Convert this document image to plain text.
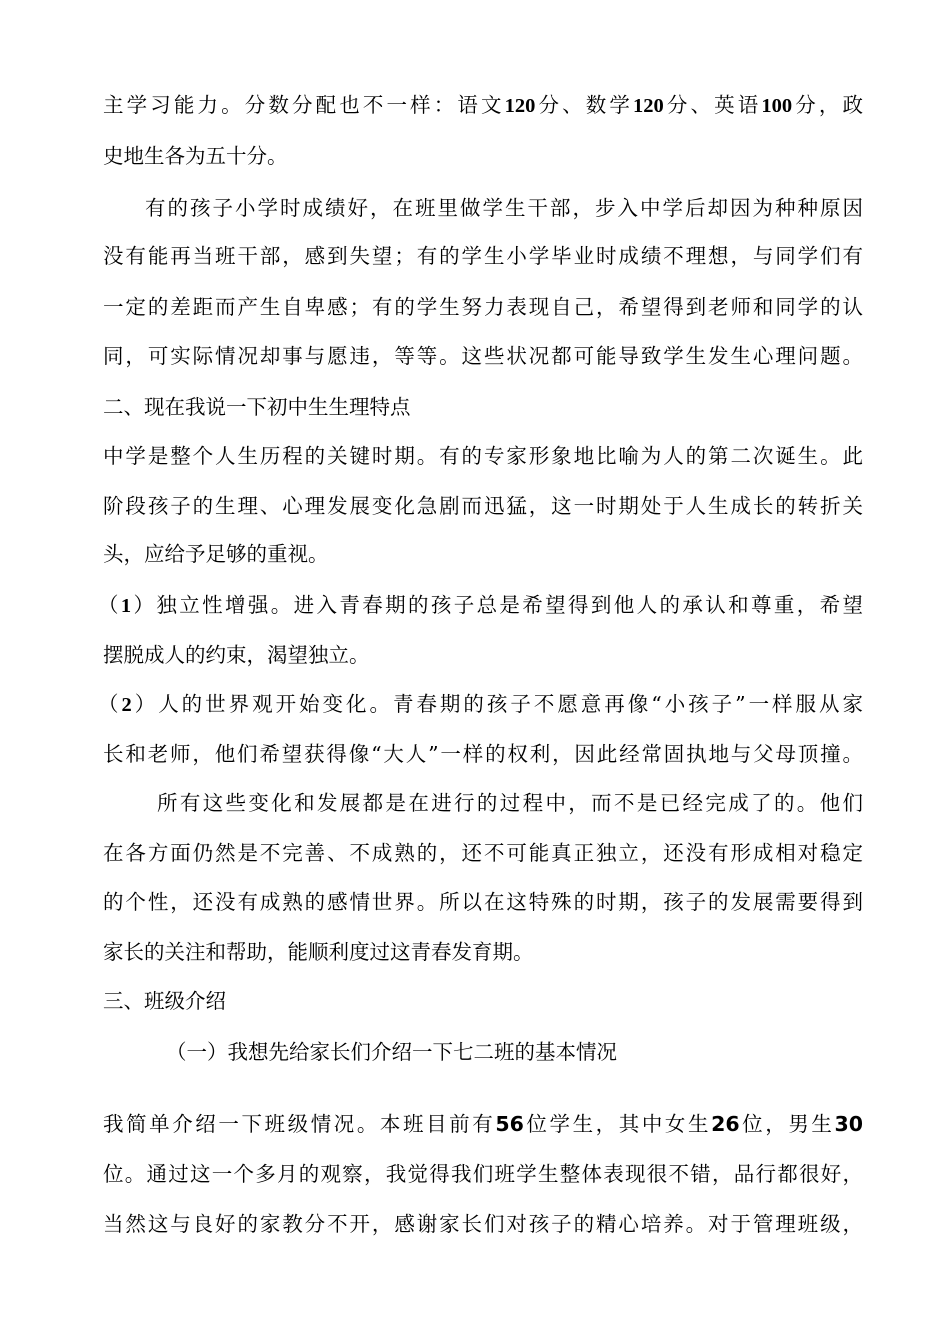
主学习能力。分数分配也不一样：语文120分、数学120分、英语100分，政
史地生各为五十分。
有的孩子小学时成绩好，在班里做学生干部，步入中学后却因为种种原因
没有能再当班干部，感到失望；有的学生小学毕业时成绩不理想，与同学们有
一定的差距而产生自卑感；有的学生努力表现自己，希望得到老师和同学的认
同，可实际情况却事与愿违，等等。这些状况都可能导致学生发生心理问题。
二、现在我说一下初中生生理特点
中学是整个人生历程的关键时期。有的专家形象地比喻为人的第二次诞生。此
阶段孩子的生理、心理发展变化急剧而迅猛，这一时期处于人生成长的转折关
头，应给予足够的重视。
（1）独立性增强。进入青春期的孩子总是希望得到他人的承认和尊重，希望
摆脱成人的约束，渴望独立。
（2）人的世界观开始变化。青春期的孩子不愿意再像“小孩子”一样服从家
长和老师，他们希望获得像“大人”一样的权利，因此经常固执地与父母顶撞。
所有这些变化和发展都是在进行的过程中，而不是已经完成了的。他们
在各方面仍然是不完善、不成熟的，还不可能真正独立，还没有形成相对稳定
的个性，还没有成熟的感情世界。所以在这特殊的时期，孩子的发展需要得到
家长的关注和帮助，能顺利度过这青春发育期。
三、班级介绍
（一）我想先给家长们介绍一下七二班的基本情况
我简单介绍一下班级情况。本班目前有56位学生，其中女生26位，男生30
位。通过这一个多月的观察，我觉得我们班学生整体表现很不错，品行都很好，
当然这与良好的家教分不开，感谢家长们对孩子的精心培养。对于管理班级，
